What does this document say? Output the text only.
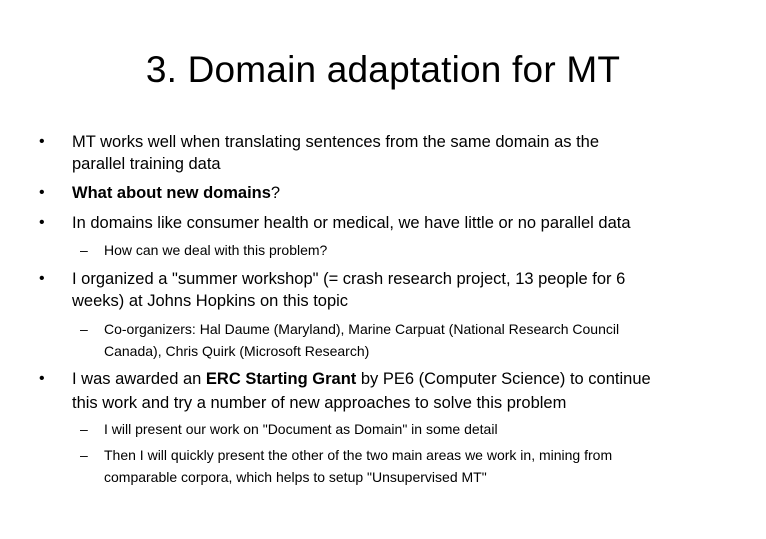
3. Domain adaptation for MT
• MT works well when translating sentences from the same domain as the
parallel training data
• What about new domains?
• In domains like consumer health or medical, we have little or no parallel data
– How can we deal with this problem?
• I organized a "summer workshop" (= crash research project, 13 people for 6
weeks) at Johns Hopkins on this topic
– Co-organizers: Hal Daume (Maryland), Marine Carpuat (National Research Council
Canada), Chris Quirk (Microsoft Research)
• I was awarded an ERC Starting Grant by PE6 (Computer Science) to continue
this work and try a number of new approaches to solve this problem
– I will present our work on "Document as Domain" in some detail
– Then I will quickly present the other of the two main areas we work in, mining from
comparable corpora, which helps to setup "Unsupervised MT"
